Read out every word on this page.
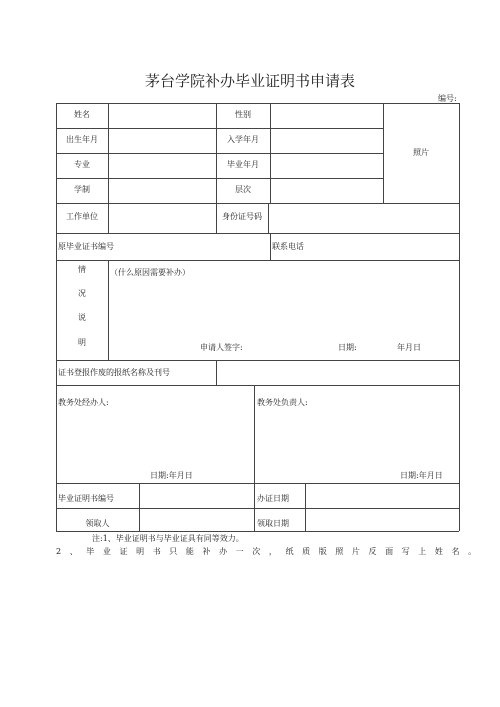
茅台学院补办毕业证明书申请表
编号:
姓名	性别
出生年月	入学年月
照片
专业	毕业年月
学制	层次
工作单位	身份证号码
原毕业证书编号	联系电话
情
况
说
明
（什么原因需要补办）
申请人签字:	日期:	年月日
证书登报作废的报纸名称及刊号
教务处经办人:	教务处负责人:
日期:年月日	日期:年月日
毕业证明书编号	办证日期
领取人	领取日期
注:1、毕业证明书与毕业证具有同等效力。
2、毕业证明书只能补办一次，纸质版照片反面写上姓名。
